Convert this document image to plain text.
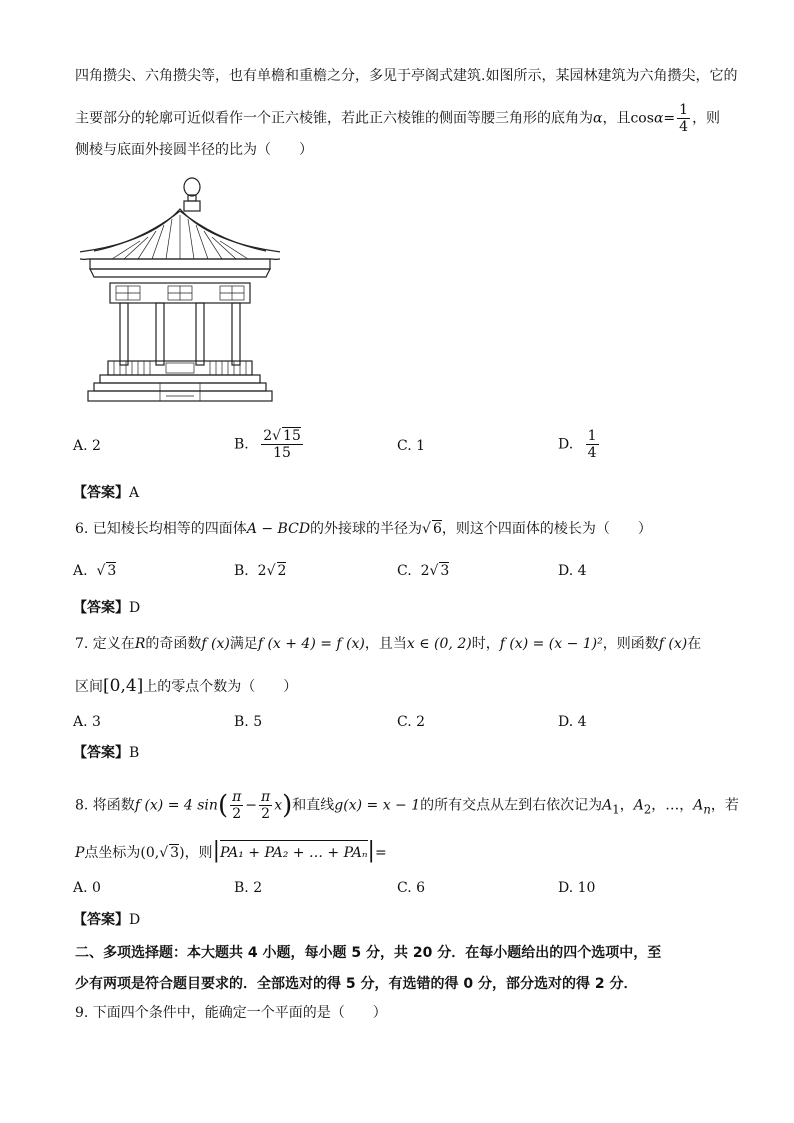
四角攒尖、六角攒尖等，也有单檐和重檐之分，多见于亭阁式建筑.如图所示，某园林建筑为六角攒尖，它的
主要部分的轮廓可近似看作一个正六棱锥，若此正六棱锥的侧面等腰三角形的底角为α，且$\cos\alpha= \frac{1}{4}$ ，则
侧棱与底面外接圆半径的比为（　　）
A. 2	B. $\frac{2√ 15}{15}$	C. 1	D. $\frac{1}{4}$
【答案】A
6. 已知棱长均相等的四面体A − BCD的外接球的半径为√ 6，则这个四面体的棱长为（　　）
A.  √ 3	B. 2√ 2	C. 2√ 3	D. 4
【答案】D
7. 定义在R的奇函数f (x)满足f (x + 4) = f (x)，且当x ∈ (0, 2)时，f (x) = (x − 1)²，则函数f (x)在
区间[0,4]上的零点个数为（　　）
A. 3	B. 5	C. 2	D. 4
【答案】B
8. 将函数f (x) = 4 $\sin( \frac{\pi}{2} - \frac{\pi}{2} x)$和直线g(x) = x − 1的所有交点从左到右依次记为$A_1$，$A_2$，…，$A_n$，若
P点坐标为(0,√ 3)，则|PA₁ + PA₂ + … + PAₙ|=
A. 0	B. 2	C. 6	D. 10
【答案】D
二、多项选择题：本大题共 4 小题，每小题 5 分，共 20 分．在每小题给出的四个选项中，至
少有两项是符合题目要求的．全部选对的得 5 分，有选错的得 0 分，部分选对的得 2 分．
9. 下面四个条件中，能确定一个平面的是（　　）
